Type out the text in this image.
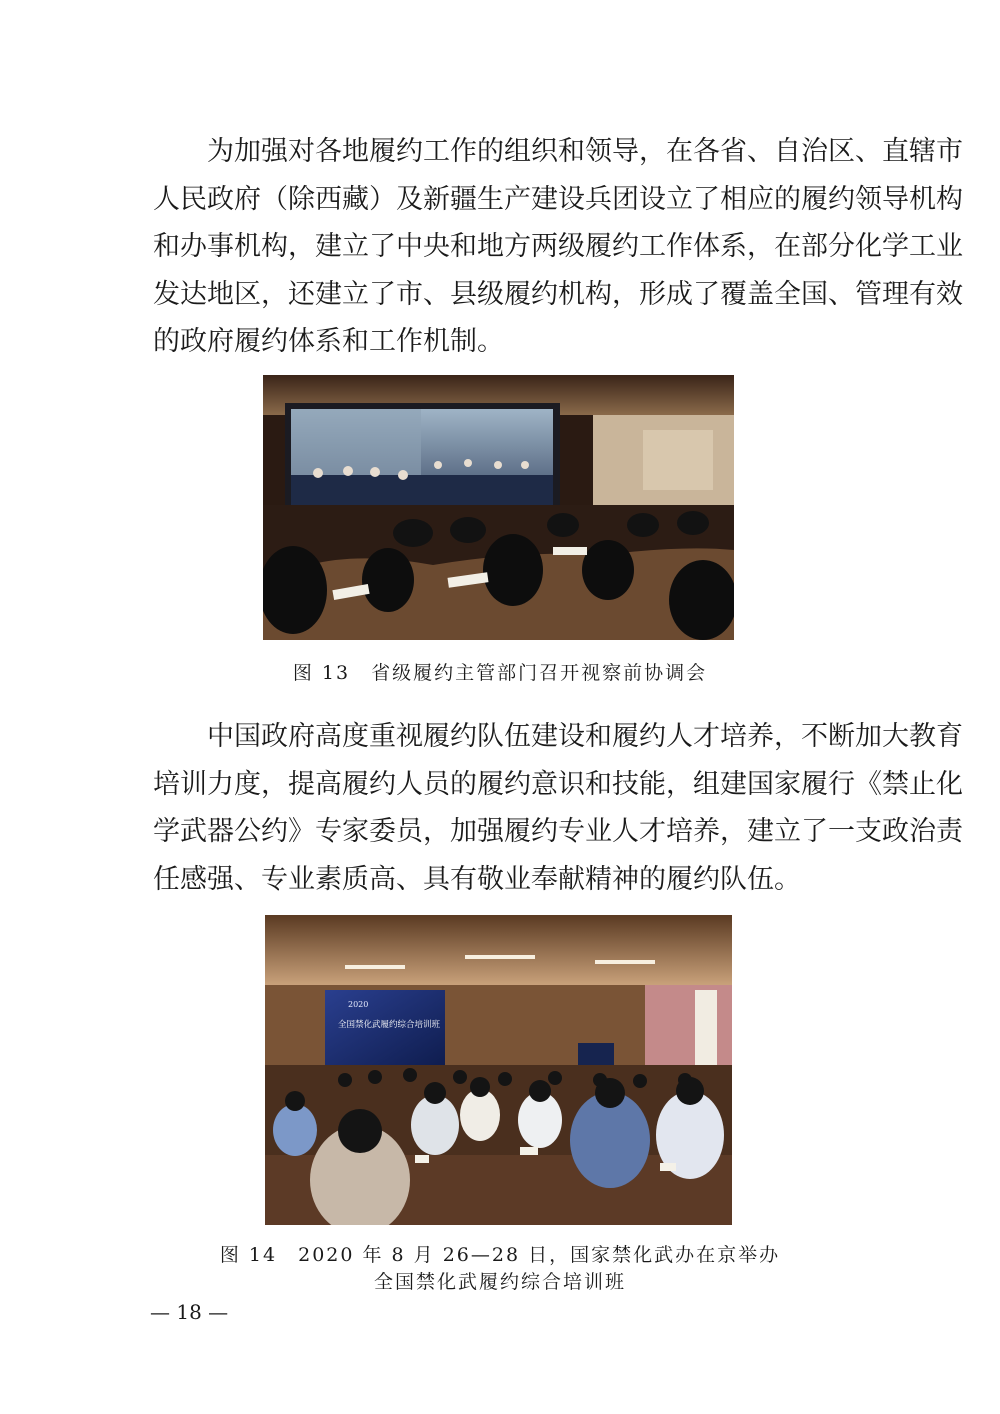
　　为加强对各地履约工作的组织和领导，在各省、自治区、直辖市
人民政府（除西藏）及新疆生产建设兵团设立了相应的履约领导机构
和办事机构，建立了中央和地方两级履约工作体系，在部分化学工业
发达地区，还建立了市、县级履约机构，形成了覆盖全国、管理有效
的政府履约体系和工作机制。

图 13　省级履约主管部门召开视察前协调会

　　中国政府高度重视履约队伍建设和履约人才培养，不断加大教育
培训力度，提高履约人员的履约意识和技能，组建国家履行《禁止化
学武器公约》专家委员，加强履约专业人才培养，建立了一支政治责
任感强、专业素质高、具有敬业奉献精神的履约队伍。
2020
全国禁化武履约综合培训班
图 14　2020 年 8 月 26—28 日，国家禁化武办在京举办
全国禁化武履约综合培训班
— 18 —
